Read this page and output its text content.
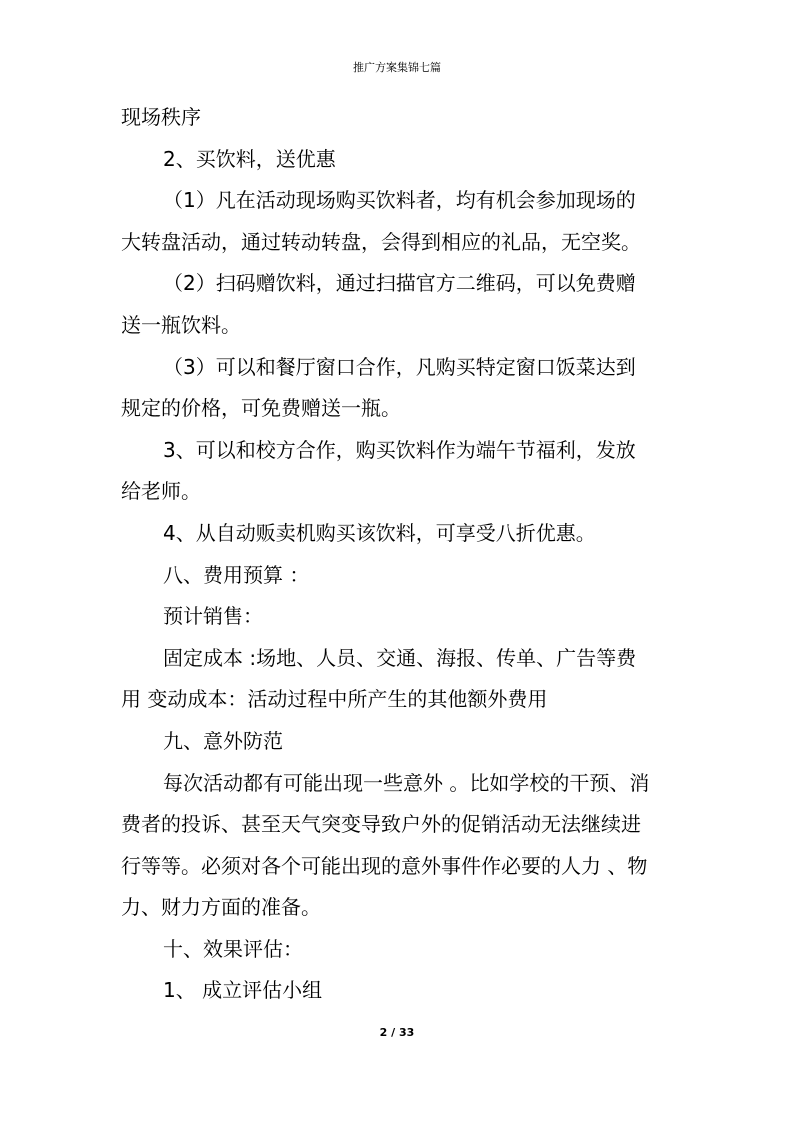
推广方案集锦七篇

现场秩序

2、买饮料，送优惠

（1）凡在活动现场购买饮料者，均有机会参加现场的

大转盘活动，通过转动转盘，会得到相应的礼品，无空奖。

（2）扫码赠饮料，通过扫描官方二维码，可以免费赠

送一瓶饮料。

（3）可以和餐厅窗口合作，凡购买特定窗口饭菜达到

规定的价格，可免费赠送一瓶。

3、可以和校方合作，购买饮料作为端午节福利，发放

给老师。

4、从自动贩卖机购买该饮料，可享受八折优惠。

八、费用预算 ：

预计销售：

固定成本 :场地、人员、交通、海报、传单、广告等费

用 变动成本：活动过程中所产生的其他额外费用

九、意外防范

每次活动都有可能出现一些意外 。比如学校的干预、消

费者的投诉、甚至天气突变导致户外的促销活动无法继续进

行等等。必须对各个可能出现的意外事件作必要的人力 、物

力、财力方面的准备。

十、效果评估：

1、 成立评估小组

2 / 33
